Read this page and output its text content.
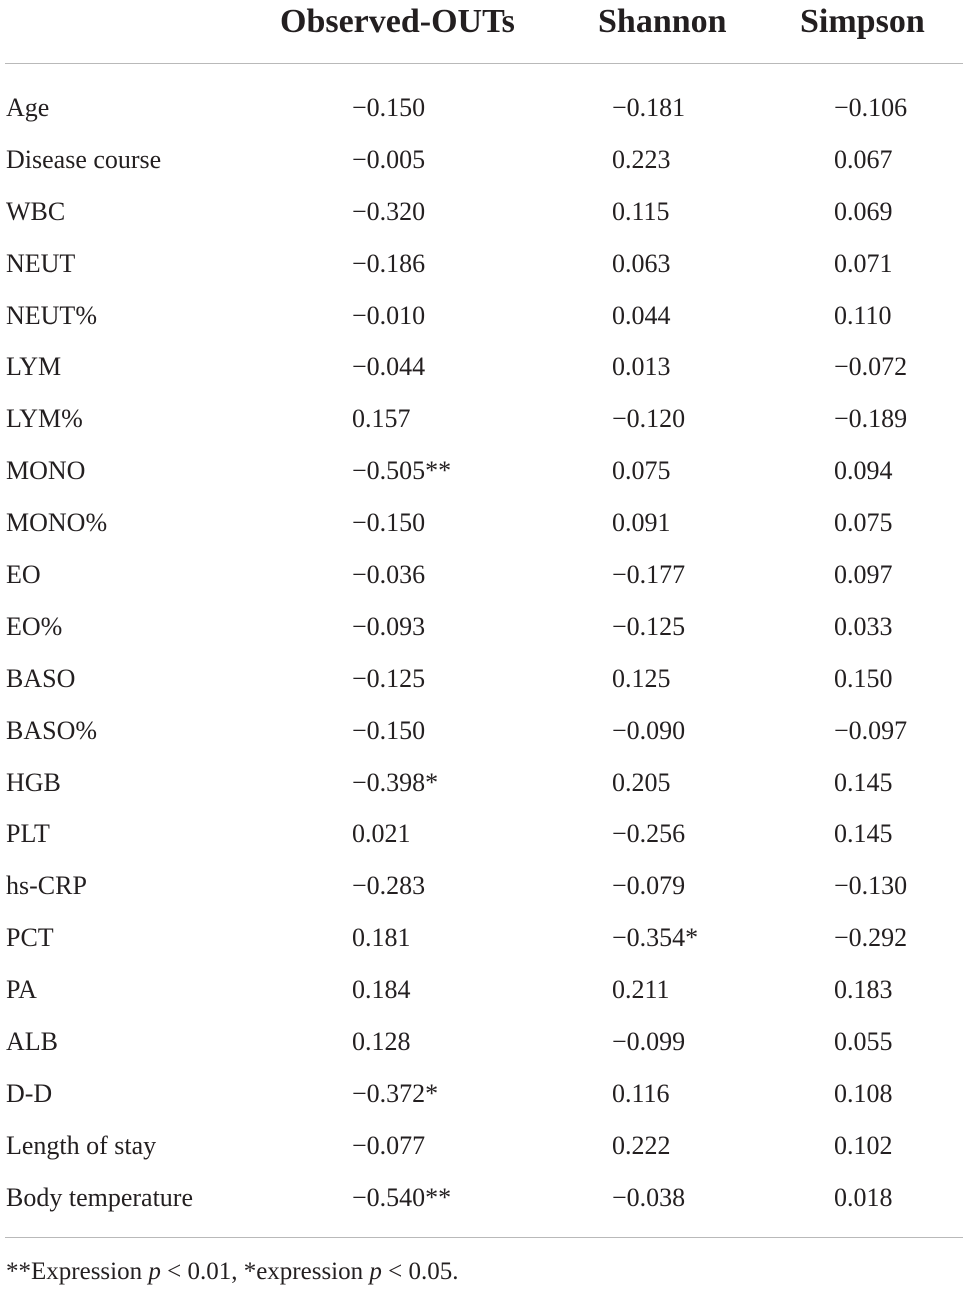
Observed-OUTs Shannon Simpson
Age	−0.150	−0.181	−0.106
Disease course	−0.005	0.223	0.067
WBC	−0.320	0.115	0.069
NEUT	−0.186	0.063	0.071
NEUT%	−0.010	0.044	0.110
LYM	−0.044	0.013	−0.072
LYM%	0.157	−0.120	−0.189
MONO	−0.505**	0.075	0.094
MONO%	−0.150	0.091	0.075
EO	−0.036	−0.177	0.097
EO%	−0.093	−0.125	0.033
BASO	−0.125	0.125	0.150
BASO%	−0.150	−0.090	−0.097
HGB	−0.398*	0.205	0.145
PLT	0.021	−0.256	0.145
hs-CRP	−0.283	−0.079	−0.130
PCT	0.181	−0.354*	−0.292
PA	0.184	0.211	0.183
ALB	0.128	−0.099	0.055
D-D	−0.372*	0.116	0.108
Length of stay	−0.077	0.222	0.102
Body temperature	−0.540**	−0.038	0.018
**Expression p < 0.01, *expression p < 0.05.
